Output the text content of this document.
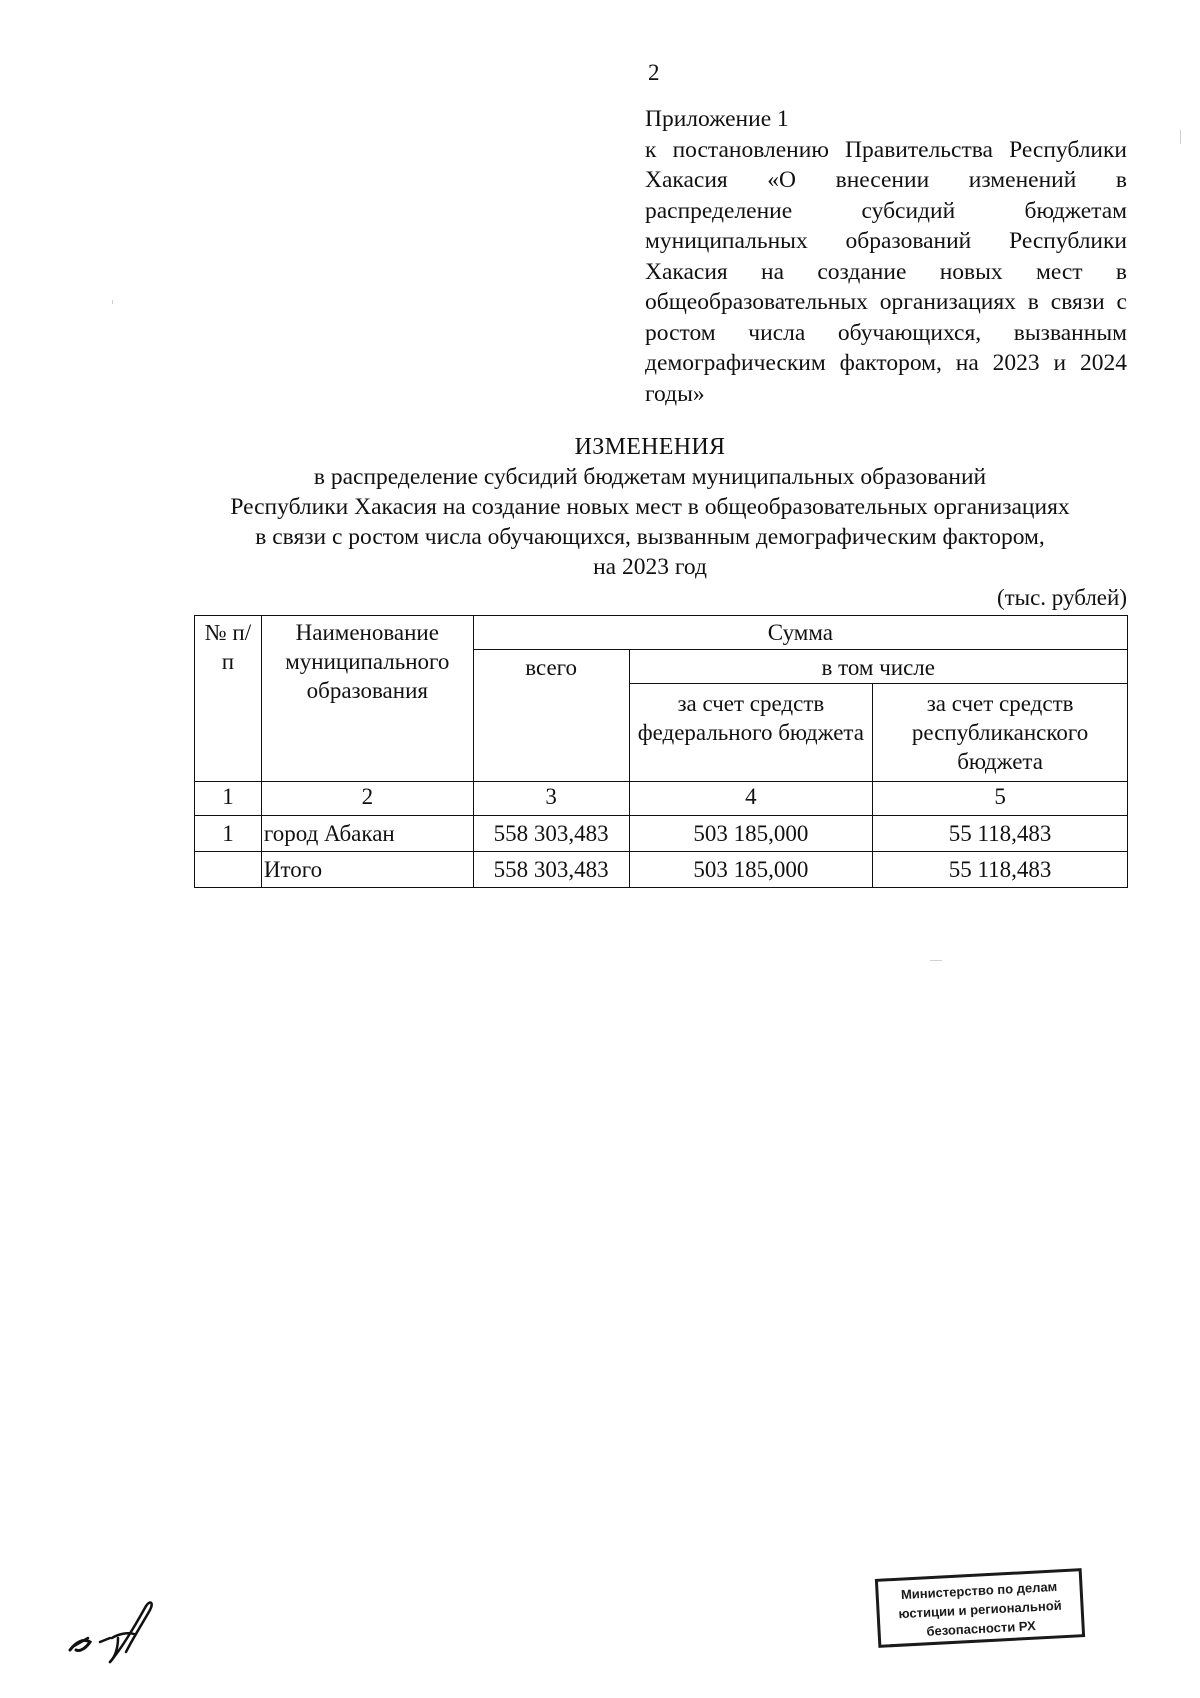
2
Приложение 1
к постановлению Правительства Республики Хакасия «О внесении изменений в распределение субсидий бюджетам муниципальных образований Республики Хакасия на создание новых мест в общеобразовательных организациях в связи с ростом числа обучающихся, вызванным демографическим фактором, на 2023 и 2024 годы»
ИЗМЕНЕНИЯ
в распределение субсидий бюджетам муниципальных образований
Республики Хакасия на создание новых мест в общеобразовательных организациях
в связи с ростом числа обучающихся, вызванным демографическим фактором,
на 2023 год
(тыс. рублей)
№ п/п	Наименование муниципального образования	Сумма		
		всего	в том числе	
			за счет средств федерального бюджета	за счет средств республиканского бюджета
1	2	3	4	5
1	город Абакан	558 303,483	503 185,000	55 118,483
	Итого	558 303,483	503 185,000	55 118,483
Министерство по делам
юстиции и региональной
безопасности РХ
